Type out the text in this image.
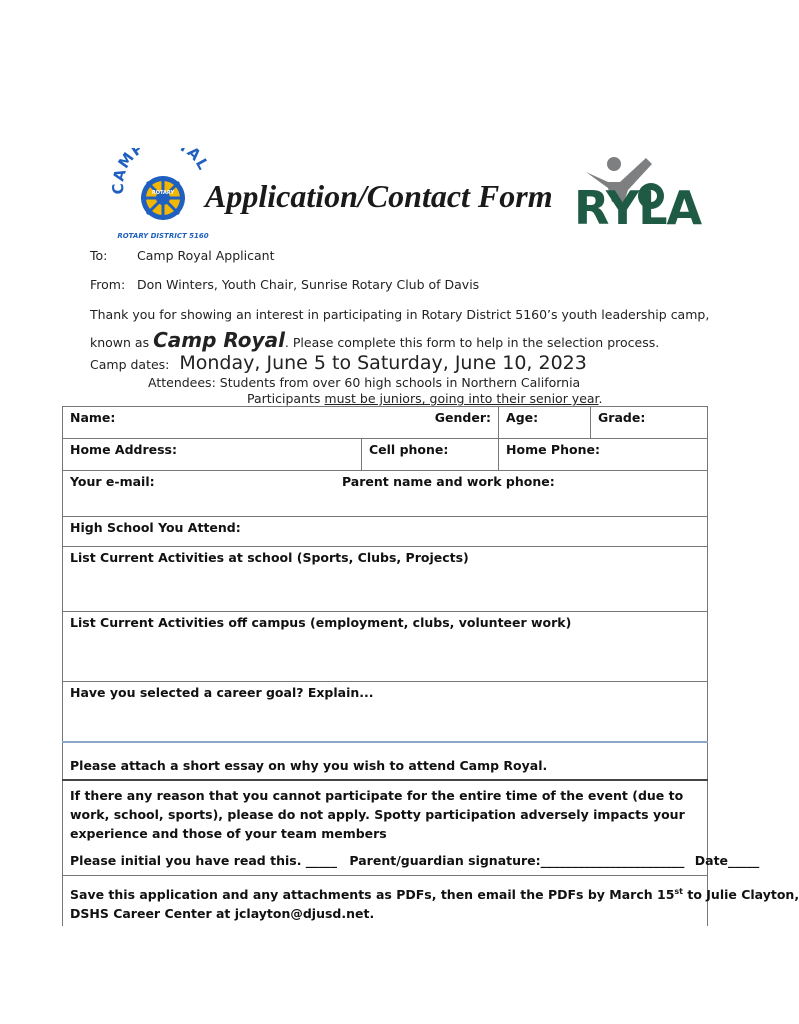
CAMP AL
ROTARY
ROTARY DISTRICT 5160
Application/Contact Form RYLA
To: Camp Royal Applicant
From: Don Winters, Youth Chair, Sunrise Rotary Club of Davis
Thank you for showing an interest in participating in Rotary District 5160’s youth leadership camp,
known as Camp Royal. Please complete this form to help in the selection process.
Camp dates: Monday, June 5 to Saturday, June 10, 2023
Attendees: Students from over 60 high schools in Northern California
Participants must be juniors, going into their senior year.
Name:		Gender:	Age:	Grade:
Home Address:	Cell phone:		Home Phone:	
Your e-mail: Parent name and work phone:				
High School You Attend:				
List Current Activities at school (Sports, Clubs, Projects)				
List Current Activities off campus (employment, clubs, volunteer work)				
Have you selected a career goal? Explain...				
Please attach a short essay on why you wish to attend Camp Royal.				

If there any reason that you cannot participate for the entire time of the event (due to work, school, sports), please do not apply. Spotty participation adversely impacts your experience and those of your team members

Please initial you have read this. _____ Parent/guardian signature:_______________________ Date_____				

Save this application and any attachments as PDFs, then email the PDFs by March 15st to Julie Clayton,

DSHS Career Center at jclayton@djusd.net.				
